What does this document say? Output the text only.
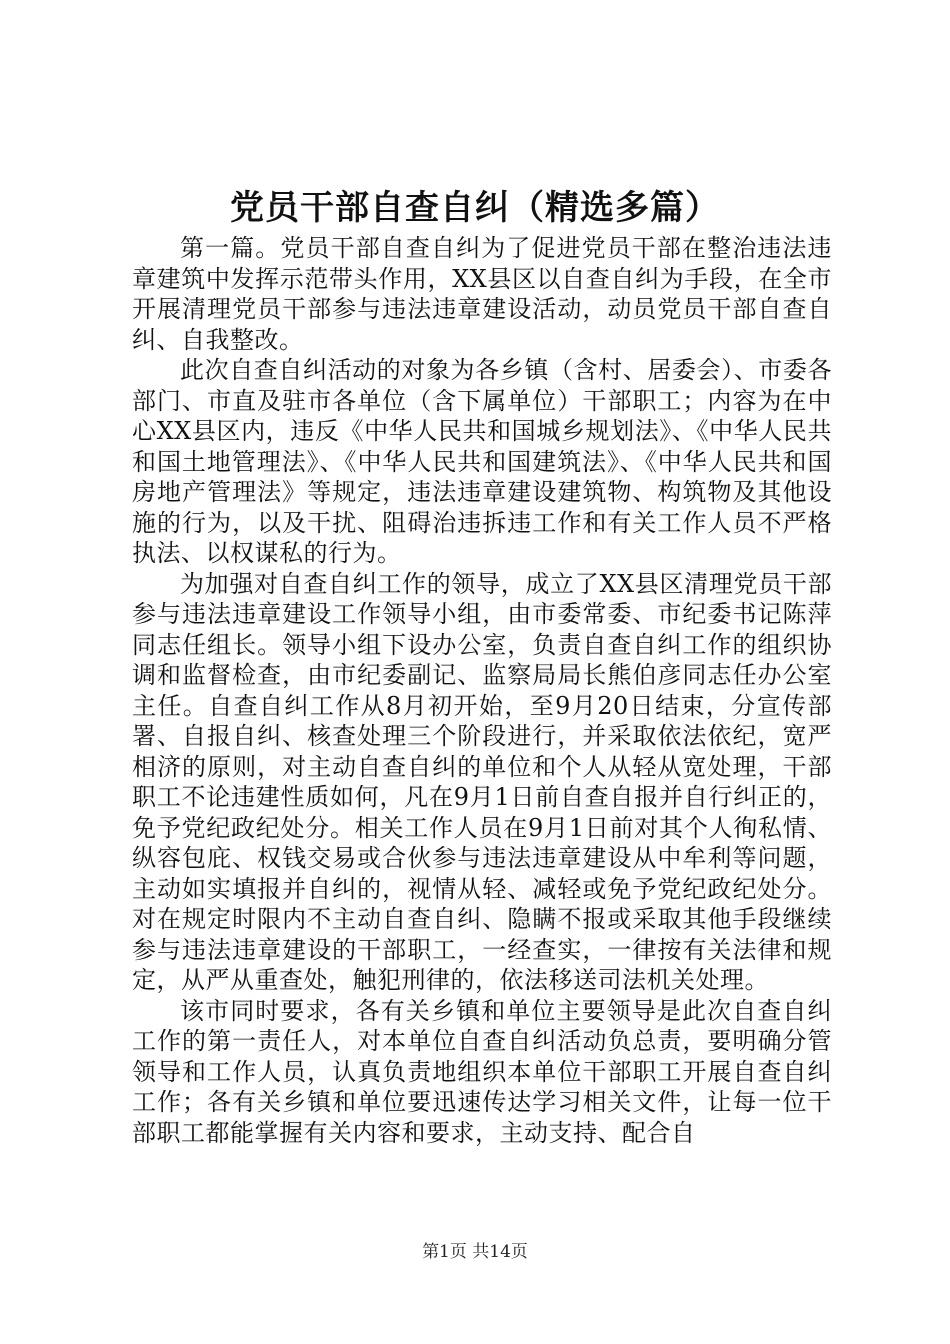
党员干部自查自纠（精选多篇）

第一篇。党员干部自查自纠为了促进党员干部在整治违法违章建筑中发挥示范带头作用，XX县区以自查自纠为手段，在全市开展清理党员干部参与违法违章建设活动，动员党员干部自查自纠、自我整改。

此次自查自纠活动的对象为各乡镇（含村、居委会）、市委各部门、市直及驻市各单位（含下属单位）干部职工；内容为在中心XX县区内，违反《中华人民共和国城乡规划法》、《中华人民共和国土地管理法》、《中华人民共和国建筑法》、《中华人民共和国房地产管理法》等规定，违法违章建设建筑物、构筑物及其他设施的行为，以及干扰、阻碍治违拆违工作和有关工作人员不严格执法、以权谋私的行为。

为加强对自查自纠工作的领导，成立了XX县区清理党员干部参与违法违章建设工作领导小组，由市委常委、市纪委书记陈萍同志任组长。领导小组下设办公室，负责自查自纠工作的组织协调和监督检查，由市纪委副记、监察局局长熊伯彦同志任办公室主任。自查自纠工作从8月初开始，至9月20日结束，分宣传部署、自报自纠、核查处理三个阶段进行，并采取依法依纪，宽严相济的原则，对主动自查自纠的单位和个人从轻从宽处理，干部职工不论违建性质如何，凡在9月1日前自查自报并自行纠正的，免予党纪政纪处分。相关工作人员在9月1日前对其个人徇私情、纵容包庇、权钱交易或合伙参与违法违章建设从中牟利等问题，主动如实填报并自纠的，视情从轻、减轻或免予党纪政纪处分。对在规定时限内不主动自查自纠、隐瞒不报或采取其他手段继续参与违法违章建设的干部职工，一经查实，一律按有关法律和规定，从严从重查处，触犯刑律的，依法移送司法机关处理。

该市同时要求，各有关乡镇和单位主要领导是此次自查自纠工作的第一责任人，对本单位自查自纠活动负总责，要明确分管领导和工作人员，认真负责地组织本单位干部职工开展自查自纠工作；各有关乡镇和单位要迅速传达学习相关文件，让每一位干部职工都能掌握有关内容和要求，主动支持、配合自

第1页 共14页
